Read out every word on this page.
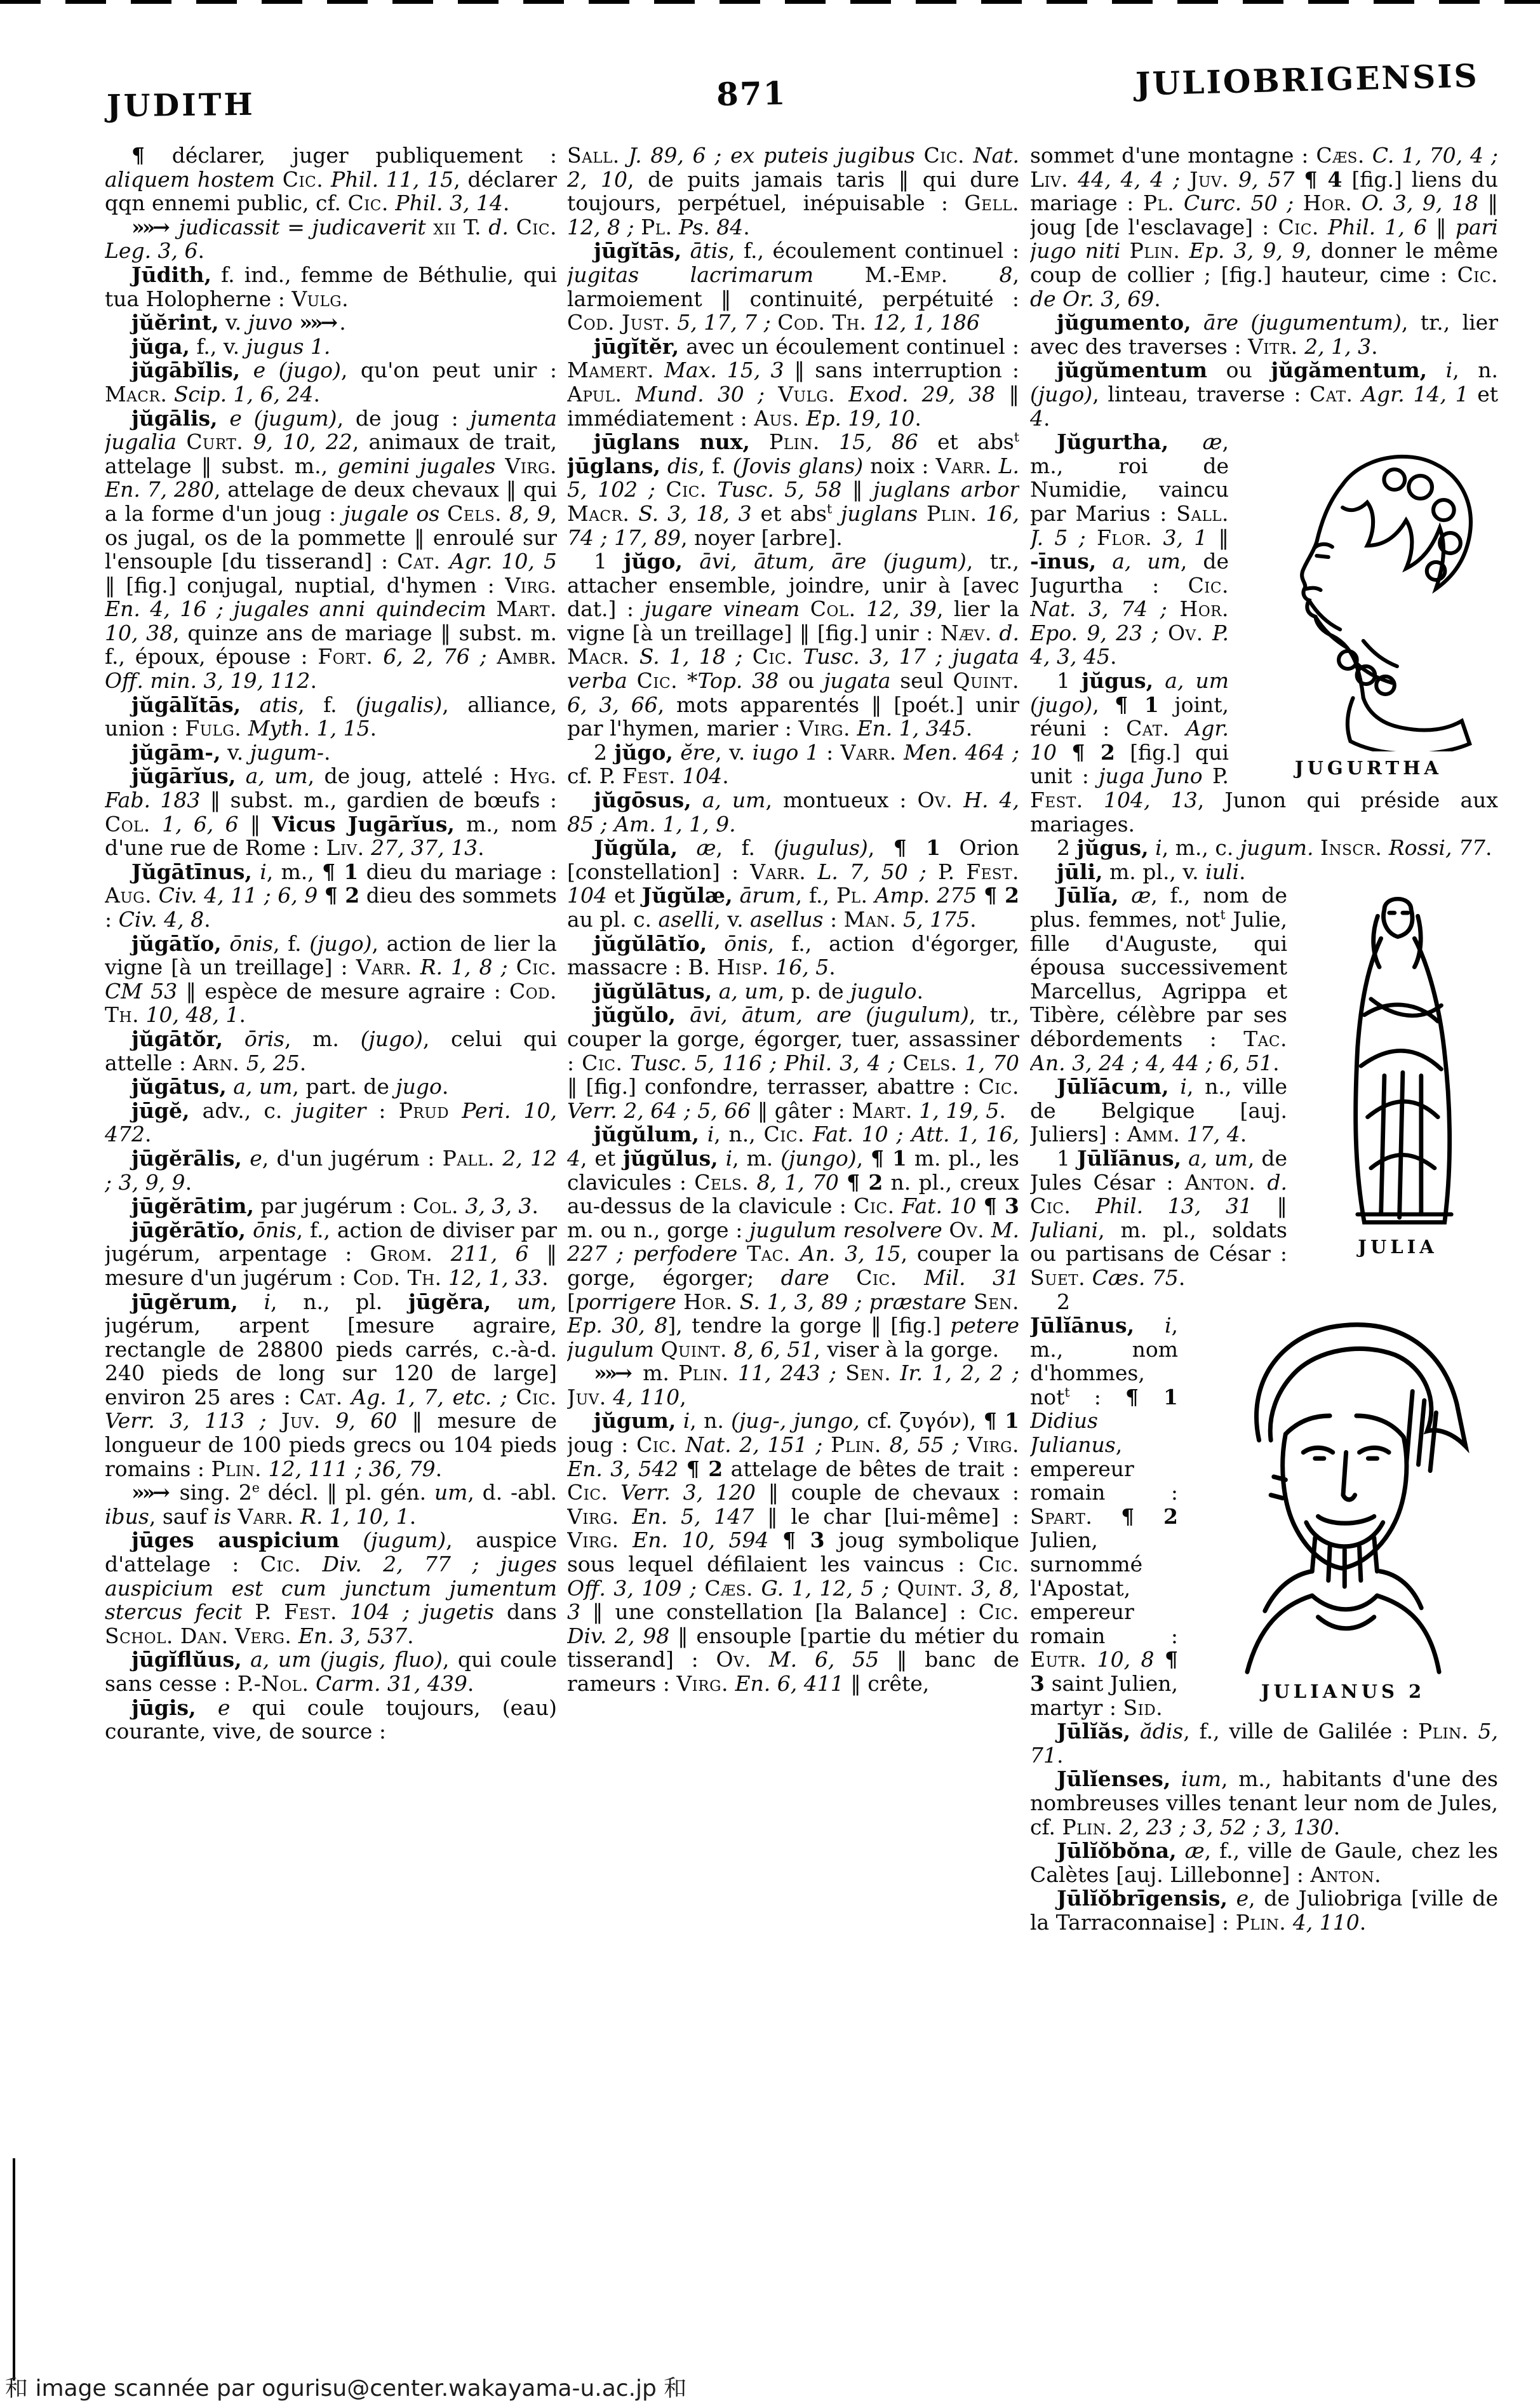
JUDITH	871	JULIOBRIGENSIS

¶ déclarer, juger publiquement : aliquem hostem Cic. Phil. 11, 15, déclarer qqn ennemi public, cf. Cic. Phil. 3, 14.

»»→ judicassit = judicaverit xii T. d. Cic. Leg. 3, 6.

Jūdith, f. ind., femme de Béthulie, qui tua Holopherne : Vulg.

jŭĕrint, v. juvo »»→ .

jŭga, f., v. jugus 1.

jŭgābĭlis, e (jugo), qu'on peut unir : Macr. Scip. 1, 6, 24.

jŭgālis, e (jugum), de joug : jumenta jugalia Curt. 9, 10, 22, animaux de trait, attelage ‖ subst. m., gemini jugales Virg. En. 7, 280, attelage de deux chevaux ‖ qui a la forme d'un joug : jugale os Cels. 8, 9, os jugal, os de la pommette ‖ enroulé sur l'ensouple [du tisserand] : Cat. Agr. 10, 5 ‖ [fig.] conjugal, nuptial, d'hymen : Virg. En. 4, 16 ; jugales anni quindecim Mart. 10, 38, quinze ans de mariage ‖ subst. m. f., époux, épouse : Fort. 6, 2, 76 ; Ambr. Off. min. 3, 19, 112.

jŭgālĭtās, atis, f. (jugalis), alliance, union : Fulg. Myth. 1, 15.

jŭgām-, v. jugum-.

jŭgārĭus, a, um, de joug, attelé : Hyg. Fab. 183 ‖ subst. m., gardien de bœufs : Col. 1, 6, 6 ‖ Vicus Jugārĭus, m., nom d'une rue de Rome : Liv. 27, 37, 13.

Jŭgātīnus, i, m., ¶ 1 dieu du mariage : Aug. Civ. 4, 11 ; 6, 9 ¶ 2 dieu des sommets : Civ. 4, 8.

jŭgātĭo, ōnis, f. (jugo), action de lier la vigne [à un treillage] : Varr. R. 1, 8 ; Cic. CM 53 ‖ espèce de mesure agraire : Cod. Th. 10, 48, 1.

jŭgātŏr, ōris, m. (jugo), celui qui attelle : Arn. 5, 25.

jŭgātus, a, um, part. de jugo.

jūgĕ, adv., c. jugiter : Prud Peri. 10, 472.

jūgĕrālis, e, d'un jugérum : Pall. 2, 12 ; 3, 9, 9.

jūgĕrātim, par jugérum : Col. 3, 3, 3.

jūgĕrātĭo, ōnis, f., action de diviser par jugérum, arpentage : Grom. 211, 6 ‖ mesure d'un jugérum : Cod. Th. 12, 1, 33.

jūgĕrum, i, n., pl. jūgĕra, um, jugérum, arpent [mesure agraire, rectangle de 28800 pieds carrés, c.-à-d. 240 pieds de long sur 120 de large] environ 25 ares : Cat. Ag. 1, 7, etc. ; Cic. Verr. 3, 113 ; Juv. 9, 60 ‖ mesure de longueur de 100 pieds grecs ou 104 pieds romains : Plin. 12, 111 ; 36, 79.

»»→ sing. 2e décl. ‖ pl. gén. um, d. -abl. ibus, sauf is Varr. R. 1, 10, 1.

jūges auspicium (jugum), auspice d'attelage : Cic. Div. 2, 77 ; juges auspicium est cum junctum jumentum stercus fecit P. Fest. 104 ; jugetis dans Schol. Dan. Verg. En. 3, 537.

jūgĭflŭus, a, um (jugis, fluo), qui coule sans cesse : P.-Nol. Carm. 31, 439.

jūgis, e qui coule toujours, (eau) courante, vive, de source :

Sall. J. 89, 6 ; ex puteis jugibus Cic. Nat. 2, 10, de puits jamais taris ‖ qui dure toujours, perpétuel, inépuisable : Gell. 12, 8 ; Pl. Ps. 84.

jūgĭtās, ātis, f., écoulement continuel : jugitas lacrimarum M.-Emp. 8, larmoiement ‖ continuité, perpétuité : Cod. Just. 5, 17, 7 ; Cod. Th. 12, 1, 186

jūgĭtĕr, avec un écoulement continuel : Mamert. Max. 15, 3 ‖ sans interruption : Apul. Mund. 30 ; Vulg. Exod. 29, 38 ‖ immédiatement : Aus. Ep. 19, 10.

jūglans nux, Plin. 15, 86 et abs$^t$ jūglans, dis, f. (Jovis glans) noix : Varr. L. 5, 102 ; Cic. Tusc. 5, 58 ‖ juglans arbor Macr. S. 3, 18, 3 et abs$^t$ juglans Plin. 16, 74 ; 17, 89, noyer [arbre].

1 jŭgo, āvi, ātum, āre (jugum), tr., attacher ensemble, joindre, unir à [avec dat.] : jugare vineam Col. 12, 39, lier la vigne [à un treillage] ‖ [fig.] unir : Næv. d. Macr. S. 1, 18 ; Cic. Tusc. 3, 17 ; jugata verba Cic. *Top. 38 ou jugata seul Quint. 6, 3, 66, mots apparentés ‖ [poét.] unir par l'hymen, marier : Virg. En. 1, 345.

2 jŭgo, ĕre, v. iugo 1 : Varr. Men. 464 ; cf. P. Fest. 104.

jŭgōsus, a, um, montueux : Ov. H. 4, 85 ; Am. 1, 1, 9.

Jŭgŭla, æ, f. (jugulus), ¶ 1 Orion [constellation] : Varr. L. 7, 50 ; P. Fest. 104 et Jŭgŭlæ, ārum, f., Pl. Amp. 275 ¶ 2 au pl. c. aselli, v. asellus : Man. 5, 175.

jŭgŭlātĭo, ōnis, f., action d'égorger, massacre : B. Hisp. 16, 5.

jŭgŭlātus, a, um, p. de jugulo.

jŭgŭlo, āvi, ātum, are (jugulum), tr., couper la gorge, égorger, tuer, assassiner : Cic. Tusc. 5, 116 ; Phil. 3, 4 ; Cels. 1, 70 ‖ [fig.] confondre, terrasser, abattre : Cic. Verr. 2, 64 ; 5, 66 ‖ gâter : Mart. 1, 19, 5.

jŭgŭlum, i, n., Cic. Fat. 10 ; Att. 1, 16, 4, et jŭgŭlus, i, m. (jungo), ¶ 1 m. pl., les clavicules : Cels. 8, 1, 70 ¶ 2 n. pl., creux au-dessus de la clavicule : Cic. Fat. 10 ¶ 3 m. ou n., gorge : jugulum resolvere Ov. M. 227 ; perfodere Tac. An. 3, 15, couper la gorge, égorger; dare Cic. Mil. 31 [porrigere Hor. S. 1, 3, 89 ; præstare Sen. Ep. 30, 8], tendre la gorge ‖ [fig.] petere jugulum Quint. 8, 6, 51, viser à la gorge.

»»→ m. Plin. 11, 243 ; Sen. Ir. 1, 2, 2 ; Juv. 4, 110,

jŭgum, i, n. (jug-, jungo, cf. ζυγόν), ¶ 1 joug : Cic. Nat. 2, 151 ; Plin. 8, 55 ; Virg. En. 3, 542 ¶ 2 attelage de bêtes de trait : Cic. Verr. 3, 120 ‖ couple de chevaux : Virg. En. 5, 147 ‖ le char [lui-même] : Virg. En. 10, 594 ¶ 3 joug symbolique sous lequel défilaient les vaincus : Cic. Off. 3, 109 ; Cæs. G. 1, 12, 5 ; Quint. 3, 8, 3 ‖ une constellation [la Balance] : Cic. Div. 2, 98 ‖ ensouple [partie du métier du tisserand] : Ov. M. 6, 55 ‖ banc de rameurs : Virg. En. 6, 411 ‖ crête,

sommet d'une montagne : Cæs. C. 1, 70, 4 ; Liv. 44, 4, 4 ; Juv. 9, 57 ¶ 4 [fig.] liens du mariage : Pl. Curc. 50 ; Hor. O. 3, 9, 18 ‖ joug [de l'esclavage] : Cic. Phil. 1, 6 ‖ pari jugo niti Plin. Ep. 3, 9, 9, donner le même coup de collier ; [fig.] hauteur, cime : Cic. de Or. 3, 69.

jŭgumento, āre (jugumentum), tr., lier avec des traverses : Vitr. 2, 1, 3.

jŭgŭmentum ou jŭgămentum, i, n. (jugo), linteau, traverse : Cat. Agr. 14, 1 et 4.

JUGURTHA

Jŭgurtha, æ, m., roi de Numidie, vaincu par Marius : Sall. J. 5 ; Flor. 3, 1 ‖ -īnus, a, um, de Jugurtha : Cic. Nat. 3, 74 ; Hor. Epo. 9, 23 ; Ov. P. 4, 3, 45.

1 jŭgus, a, um (jugo), ¶ 1 joint, réuni : Cat. Agr. 10 ¶ 2 [fig.] qui unit : juga Juno P. Fest. 104, 13, Junon qui préside aux mariages.

2 jŭgus, i, m., c. jugum. Inscr. Rossi, 77.

jūli, m. pl., v. iuli.

JULIA

Jūlĭa, æ, f., nom de plus. femmes, not$^t$ Julie, fille d'Auguste, qui épousa successivement Marcellus, Agrippa et Tibère, célèbre par ses débordements : Tac. An. 3, 24 ; 4, 44 ; 6, 51.

Jūlĭācum, i, n., ville de Belgique [auj. Juliers] : Amm. 17, 4.

1 Jūlĭānus, a, um, de Jules César : Anton. d. Cic. Phil. 13, 31 ‖ Juliani, m. pl., soldats ou partisans de César : Suet. Cæs. 75.

JULIANUS 2

2 Jūlĭānus, i, m., nom d'hommes, not$^t$ : ¶ 1 Didius Julianus, empereur romain : Spart. ¶ 2 Julien, surnommé l'Apostat, empereur romain : Eutr. 10, 8 ¶ 3 saint Julien, martyr : Sid.

Jūlĭăs, ădis, f., ville de Galilée : Plin. 5, 71.

Jūlĭenses, ium, m., habitants d'une des nombreuses villes tenant leur nom de Jules, cf. Plin. 2, 23 ; 3, 52 ; 3, 130.

Jūlĭŏbŏna, æ, f., ville de Gaule, chez les Calètes [auj. Lillebonne] : Anton.

Jūlĭŏbrīgensis, e, de Juliobriga [ville de la Tarraconnaise] : Plin. 4, 110.

和 image scannée par ogurisu@center.wakayama-u.ac.jp 和
